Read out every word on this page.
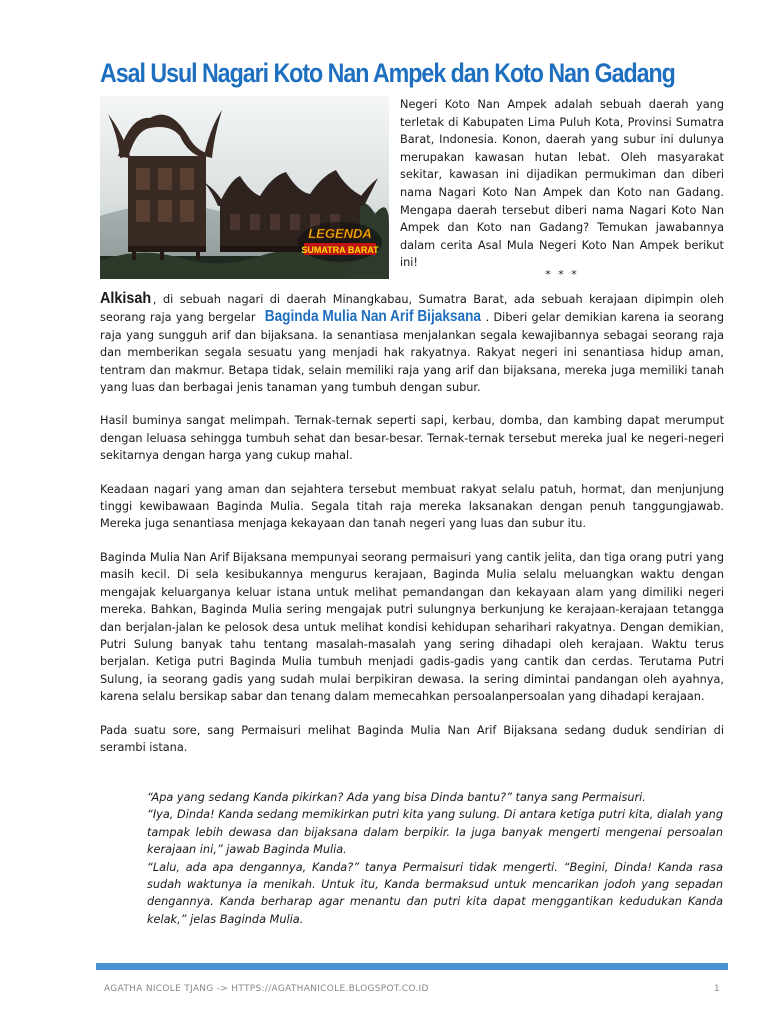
Asal Usul Nagari Koto Nan Ampek dan Koto Nan Gadang
LEGENDA
SUMATRA BARAT
Negeri Koto Nan Ampek adalah sebuah daerah yang terletak di Kabupaten Lima Puluh Kota, Provinsi Sumatra Barat, Indonesia. Konon, daerah yang subur ini dulunya merupakan kawasan hutan lebat. Oleh masyarakat sekitar, kawasan ini dijadikan permukiman dan diberi nama Nagari Koto Nan Ampek dan Koto nan Gadang. Mengapa daerah tersebut diberi nama Nagari Koto Nan Ampek dan Koto nan Gadang? Temukan jawabannya dalam cerita Asal Mula Negeri Koto Nan Ampek berikut ini!
* * *

Alkisah , di sebuah nagari di daerah Minangkabau, Sumatra Barat, ada sebuah kerajaan dipimpin oleh seorang raja yang bergelar Baginda Mulia Nan Arif Bijaksana . Diberi gelar demikian karena ia seorang raja yang sungguh arif dan bijaksana. Ia senantiasa menjalankan segala kewajibannya sebagai seorang raja dan memberikan segala sesuatu yang menjadi hak rakyatnya. Rakyat negeri ini senantiasa hidup aman, tentram dan makmur. Betapa tidak, selain memiliki raja yang arif dan bijaksana, mereka juga memiliki tanah yang luas dan berbagai jenis tanaman yang tumbuh dengan subur.

Hasil buminya sangat melimpah. Ternak-ternak seperti sapi, kerbau, domba, dan kambing dapat merumput dengan leluasa sehingga tumbuh sehat dan besar-besar. Ternak-ternak tersebut mereka jual ke negeri-negeri sekitarnya dengan harga yang cukup mahal.

Keadaan nagari yang aman dan sejahtera tersebut membuat rakyat selalu patuh, hormat, dan menjunjung tinggi kewibawaan Baginda Mulia. Segala titah raja mereka laksanakan dengan penuh tanggungjawab. Mereka juga senantiasa menjaga kekayaan dan tanah negeri yang luas dan subur itu.

Baginda Mulia Nan Arif Bijaksana mempunyai seorang permaisuri yang cantik jelita, dan tiga orang putri yang masih kecil. Di sela kesibukannya mengurus kerajaan, Baginda Mulia selalu meluangkan waktu dengan mengajak keluarganya keluar istana untuk melihat pemandangan dan kekayaan alam yang dimiliki negeri mereka. Bahkan, Baginda Mulia sering mengajak putri sulungnya berkunjung ke kerajaan-kerajaan tetangga dan berjalan-jalan ke pelosok desa untuk melihat kondisi kehidupan seharihari rakyatnya. Dengan demikian, Putri Sulung banyak tahu tentang masalah-masalah yang sering dihadapi oleh kerajaan. Waktu terus berjalan. Ketiga putri Baginda Mulia tumbuh menjadi gadis-gadis yang cantik dan cerdas. Terutama Putri Sulung, ia seorang gadis yang sudah mulai berpikiran dewasa. Ia sering dimintai pandangan oleh ayahnya, karena selalu bersikap sabar dan tenang dalam memecahkan persoalanpersoalan yang dihadapi kerajaan.

Pada suatu sore, sang Permaisuri melihat Baginda Mulia Nan Arif Bijaksana sedang duduk sendirian di serambi istana.

“Apa yang sedang Kanda pikirkan? Ada yang bisa Dinda bantu?” tanya sang Permaisuri.

“Iya, Dinda! Kanda sedang memikirkan putri kita yang sulung. Di antara ketiga putri kita, dialah yang tampak lebih dewasa dan bijaksana dalam berpikir. Ia juga banyak mengerti mengenai persoalan kerajaan ini,” jawab Baginda Mulia.

“Lalu, ada apa dengannya, Kanda?” tanya Permaisuri tidak mengerti. “Begini, Dinda! Kanda rasa sudah waktunya ia menikah. Untuk itu, Kanda bermaksud untuk mencarikan jodoh yang sepadan dengannya. Kanda berharap agar menantu dan putri kita dapat menggantikan kedudukan Kanda kelak,” jelas Baginda Mulia.

AGATHA NICOLE TJANG -> HTTPS://AGATHANICOLE.BLOGSPOT.CO.ID	1
